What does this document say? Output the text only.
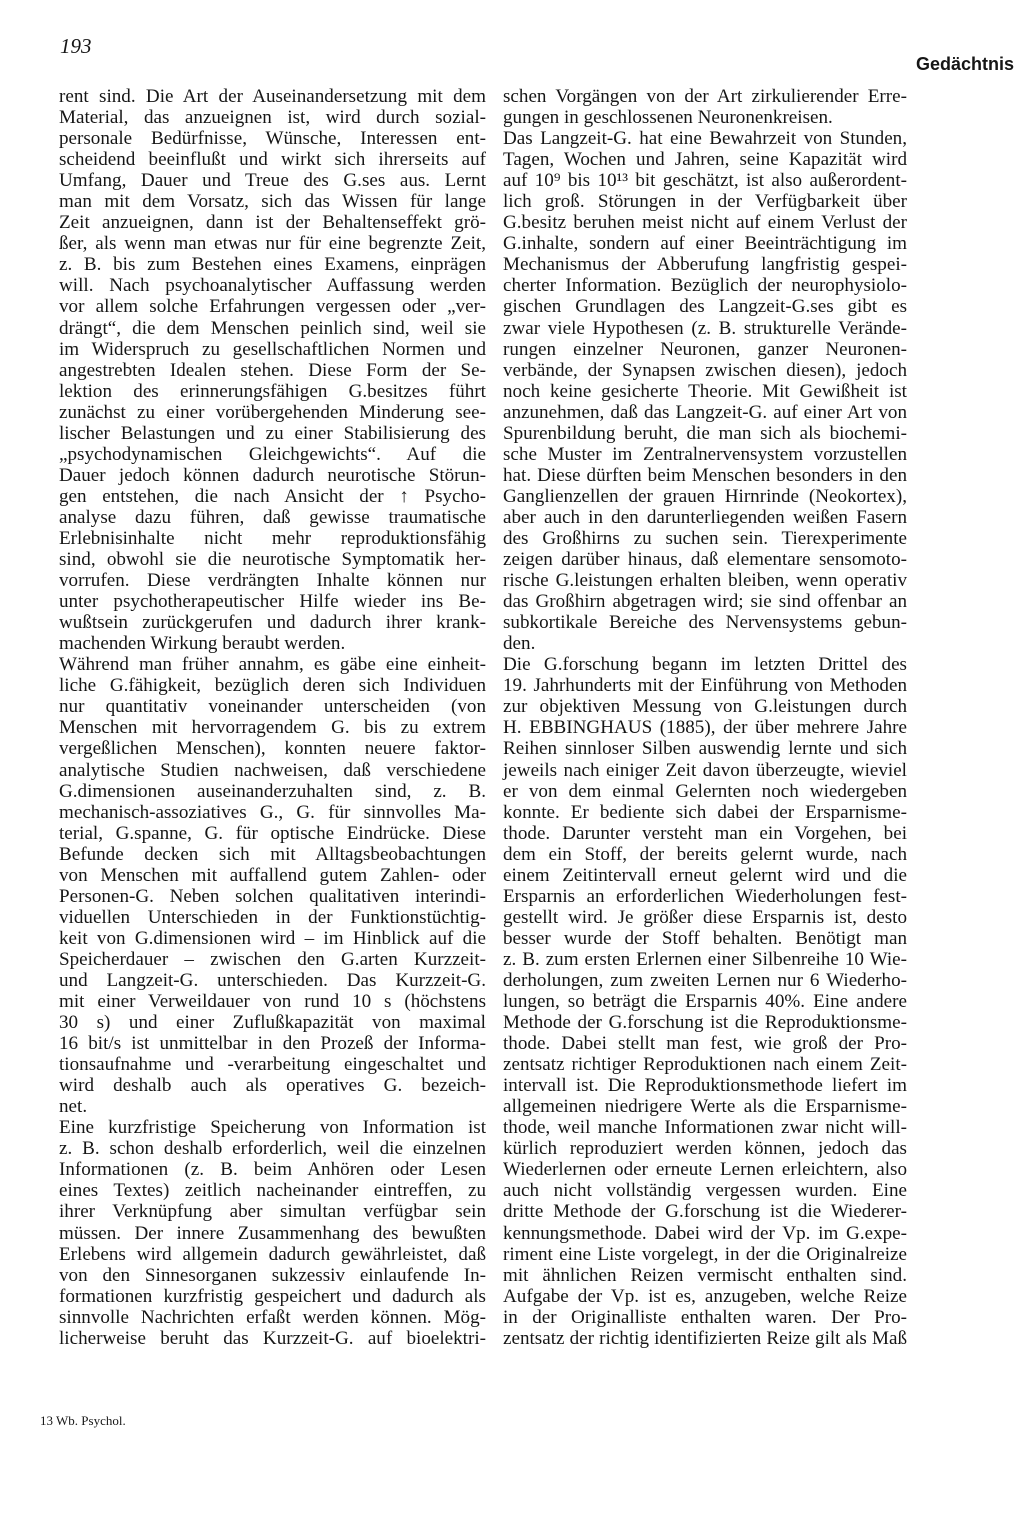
193

Gedächtnis

rent sind. Die Art der Auseinandersetzung mit dem
Material, das anzueignen ist, wird durch sozial-
personale Bedürfnisse, Wünsche, Interessen ent-
scheidend beeinflußt und wirkt sich ihrerseits auf
Umfang, Dauer und Treue des G.ses aus. Lernt
man mit dem Vorsatz, sich das Wissen für lange
Zeit anzueignen, dann ist der Behaltenseffekt grö-
ßer, als wenn man etwas nur für eine begrenzte Zeit,
z. B. bis zum Bestehen eines Examens, einprägen
will. Nach psychoanalytischer Auffassung werden
vor allem solche Erfahrungen vergessen oder „ver-
drängt“, die dem Menschen peinlich sind, weil sie
im Widerspruch zu gesellschaftlichen Normen und
angestrebten Idealen stehen. Diese Form der Se-
lektion des erinnerungsfähigen G.besitzes führt
zunächst zu einer vorübergehenden Minderung see-
lischer Belastungen und zu einer Stabilisierung des
„psychodynamischen Gleichgewichts“. Auf die
Dauer jedoch können dadurch neurotische Störun-
gen entstehen, die nach Ansicht der ↑ Psycho-
analyse dazu führen, daß gewisse traumatische
Erlebnisinhalte nicht mehr reproduktionsfähig
sind, obwohl sie die neurotische Symptomatik her-
vorrufen. Diese verdrängten Inhalte können nur
unter psychotherapeutischer Hilfe wieder ins Be-
wußtsein zurückgerufen und dadurch ihrer krank-
machenden Wirkung beraubt werden.
Während man früher annahm, es gäbe eine einheit-
liche G.fähigkeit, bezüglich deren sich Individuen
nur quantitativ voneinander unterscheiden (von
Menschen mit hervorragendem G. bis zu extrem
vergeßlichen Menschen), konnten neuere faktor-
analytische Studien nachweisen, daß verschiedene
G.dimensionen auseinanderzuhalten sind, z. B.
mechanisch-assoziatives G., G. für sinnvolles Ma-
terial, G.spanne, G. für optische Eindrücke. Diese
Befunde decken sich mit Alltagsbeobachtungen
von Menschen mit auffallend gutem Zahlen- oder
Personen-G. Neben solchen qualitativen interindi-
viduellen Unterschieden in der Funktionstüchtig-
keit von G.dimensionen wird – im Hinblick auf die
Speicherdauer – zwischen den G.arten Kurzzeit-
und Langzeit-G. unterschieden. Das Kurzzeit-G.
mit einer Verweildauer von rund 10 s (höchstens
30 s) und einer Zuflußkapazität von maximal
16 bit/s ist unmittelbar in den Prozeß der Informa-
tionsaufnahme und -verarbeitung eingeschaltet und
wird deshalb auch als operatives G. bezeich-
net.
Eine kurzfristige Speicherung von Information ist
z. B. schon deshalb erforderlich, weil die einzelnen
Informationen (z. B. beim Anhören oder Lesen
eines Textes) zeitlich nacheinander eintreffen, zu
ihrer Verknüpfung aber simultan verfügbar sein
müssen. Der innere Zusammenhang des bewußten
Erlebens wird allgemein dadurch gewährleistet, daß
von den Sinnesorganen sukzessiv einlaufende In-
formationen kurzfristig gespeichert und dadurch als
sinnvolle Nachrichten erfaßt werden können. Mög-
licherweise beruht das Kurzzeit-G. auf bioelektri-
schen Vorgängen von der Art zirkulierender Erre-
gungen in geschlossenen Neuronenkreisen.
Das Langzeit-G. hat eine Bewahrzeit von Stunden,
Tagen, Wochen und Jahren, seine Kapazität wird
auf 10⁹ bis 10¹³ bit geschätzt, ist also außerordent-
lich groß. Störungen in der Verfügbarkeit über
G.besitz beruhen meist nicht auf einem Verlust der
G.inhalte, sondern auf einer Beeinträchtigung im
Mechanismus der Abberufung langfristig gespei-
cherter Information. Bezüglich der neurophysiolo-
gischen Grundlagen des Langzeit-G.ses gibt es
zwar viele Hypothesen (z. B. strukturelle Verände-
rungen einzelner Neuronen, ganzer Neuronen-
verbände, der Synapsen zwischen diesen), jedoch
noch keine gesicherte Theorie. Mit Gewißheit ist
anzunehmen, daß das Langzeit-G. auf einer Art von
Spurenbildung beruht, die man sich als biochemi-
sche Muster im Zentralnervensystem vorzustellen
hat. Diese dürften beim Menschen besonders in den
Ganglienzellen der grauen Hirnrinde (Neokortex),
aber auch in den darunterliegenden weißen Fasern
des Großhirns zu suchen sein. Tierexperimente
zeigen darüber hinaus, daß elementare sensomoto-
rische G.leistungen erhalten bleiben, wenn operativ
das Großhirn abgetragen wird; sie sind offenbar an
subkortikale Bereiche des Nervensystems gebun-
den.
Die G.forschung begann im letzten Drittel des
19. Jahrhunderts mit der Einführung von Methoden
zur objektiven Messung von G.leistungen durch
H. EBBINGHAUS (1885), der über mehrere Jahre
Reihen sinnloser Silben auswendig lernte und sich
jeweils nach einiger Zeit davon überzeugte, wieviel
er von dem einmal Gelernten noch wiedergeben
konnte. Er bediente sich dabei der Ersparnisme-
thode. Darunter versteht man ein Vorgehen, bei
dem ein Stoff, der bereits gelernt wurde, nach
einem Zeitintervall erneut gelernt wird und die
Ersparnis an erforderlichen Wiederholungen fest-
gestellt wird. Je größer diese Ersparnis ist, desto
besser wurde der Stoff behalten. Benötigt man
z. B. zum ersten Erlernen einer Silbenreihe 10 Wie-
derholungen, zum zweiten Lernen nur 6 Wiederho-
lungen, so beträgt die Ersparnis 40%. Eine andere
Methode der G.forschung ist die Reproduktionsme-
thode. Dabei stellt man fest, wie groß der Pro-
zentsatz richtiger Reproduktionen nach einem Zeit-
intervall ist. Die Reproduktionsmethode liefert im
allgemeinen niedrigere Werte als die Ersparnisme-
thode, weil manche Informationen zwar nicht will-
kürlich reproduziert werden können, jedoch das
Wiederlernen oder erneute Lernen erleichtern, also
auch nicht vollständig vergessen wurden. Eine
dritte Methode der G.forschung ist die Wiederer-
kennungsmethode. Dabei wird der Vp. im G.expe-
riment eine Liste vorgelegt, in der die Originalreize
mit ähnlichen Reizen vermischt enthalten sind.
Aufgabe der Vp. ist es, anzugeben, welche Reize
in der Originalliste enthalten waren. Der Pro-
zentsatz der richtig identifizierten Reize gilt als Maß

13 Wb. Psychol.
